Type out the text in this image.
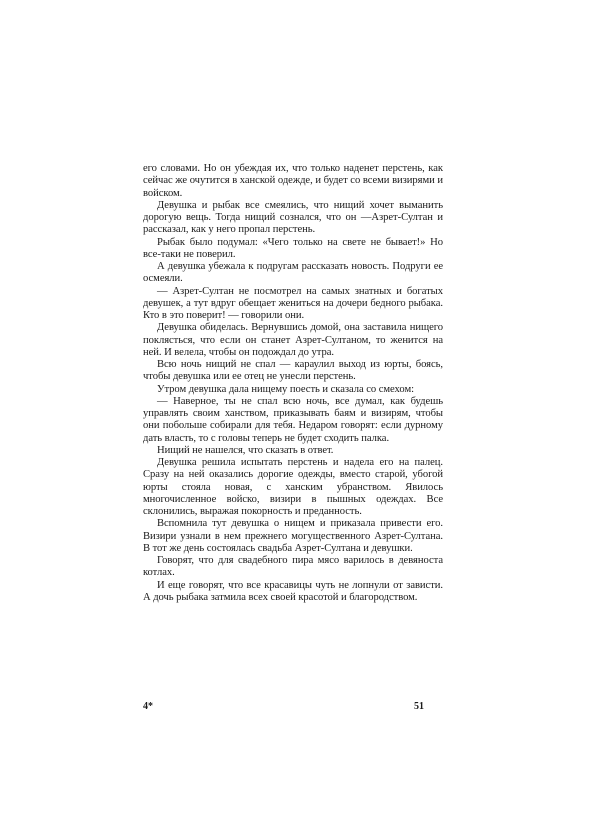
его словами. Но он убеждая их, что только наденет перстень, как сейчас же очутится в ханской одежде, и будет со всеми визирями и войском.

Девушка и рыбак все смеялись, что нищий хочет выманить дорогую вещь. Тогда нищий сознался, что он —Азрет-Султан и рассказал, как у него пропал перстень.

Рыбак было подумал: «Чего только на свете не бывает!» Но все-таки не поверил.

А девушка убежала к подругам рассказать новость. Подруги ее осмеяли.

— Азрет-Султан не посмотрел на самых знатных и богатых девушек, а тут вдруг обещает жениться на дочери бедного рыбака. Кто в это поверит! — говорили они.

Девушка обиделась. Вернувшись домой, она заставила нищего поклясться, что если он станет Азрет-Султаном, то женится на ней. И велела, чтобы он подождал до утра.

Всю ночь нищий не спал — караулил выход из юрты, боясь, чтобы девушка или ее отец не унесли перстень.

Утром девушка дала нищему поесть и сказала со смехом:

— Наверное, ты не спал всю ночь, все думал, как будешь управлять своим ханством, приказывать баям и визирям, чтобы они побольше собирали для тебя. Недаром говорят: если дурному дать власть, то с головы теперь не будет сходить палка.

Нищий не нашелся, что сказать в ответ.

Девушка решила испытать перстень и надела его на палец. Сразу на ней оказались дорогие одежды, вместо старой, убогой юрты стояла новая, с ханским убранством. Явилось многочисленное войско, визири в пышных одеждах. Все склонились, выражая покорность и преданность.

Вспомнила тут девушка о нищем и приказала привести его. Визири узнали в нем прежнего могущественного Азрет-Султана. В тот же день состоялась свадьба Азрет-Султана и девушки.

Говорят, что для свадебного пира мясо варилось в девяноста котлах.

И еще говорят, что все красавицы чуть не лопнули от зависти. А дочь рыбака затмила всех своей красотой и благородством.

4*	51
